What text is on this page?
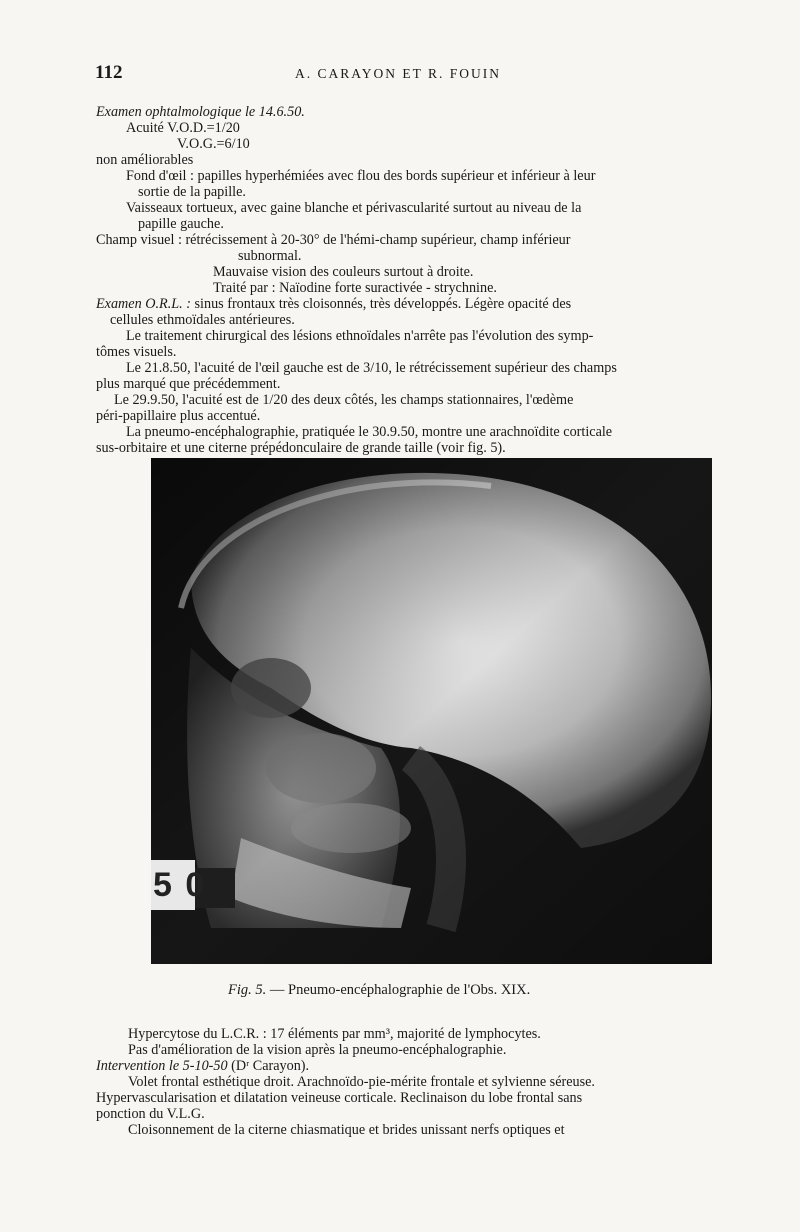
112	A. CARAYON ET R. FOUIN
Examen ophtalmologique le 14.6.50.
Acuité V.O.D.=1/20
V.O.G.=6/10
non améliorables
Fond d'œil : papilles hyperhémiées avec flou des bords supérieur et inférieur à leur
sortie de la papille.
Vaisseaux tortueux, avec gaine blanche et périvascularité surtout au niveau de la
papille gauche.
Champ visuel : rétrécissement à 20-30° de l'hémi-champ supérieur, champ inférieur
subnormal.
Mauvaise vision des couleurs surtout à droite.
Traité par : Naïodine forte suractivée - strychnine.
Examen O.R.L. : sinus frontaux très cloisonnés, très développés. Légère opacité des
cellules ethmoïdales antérieures.
Le traitement chirurgical des lésions ethnoïdales n'arrête pas l'évolution des symp-
tômes visuels.
Le 21.8.50, l'acuité de l'œil gauche est de 3/10, le rétrécissement supérieur des champs
plus marqué que précédemment.
Le 29.9.50, l'acuité est de 1/20 des deux côtés, les champs stationnaires, l'œdème
péri-papillaire plus accentué.
La pneumo-encéphalographie, pratiquée le 30.9.50, montre une arachnoïdite corticale
sus-orbitaire et une citerne prépédonculaire de grande taille (voir fig. 5).
Hypercytose du L.C.R. : 17 éléments par mm³, majorité de lymphocytes.
Pas d'amélioration de la vision après la pneumo-encéphalographie.
Intervention le 5-10-50 (Dʳ Carayon).
Volet frontal esthétique droit. Arachnoïdo-pie-mérite frontale et sylvienne séreuse.
Hypervascularisation et dilatation veineuse corticale. Reclinaison du lobe frontal sans
ponction du V.L.G.
Cloisonnement de la citerne chiasmatique et brides unissant nerfs optiques et
5 0
Fig. 5. — Pneumo-encéphalographie de l'Obs. XIX.
